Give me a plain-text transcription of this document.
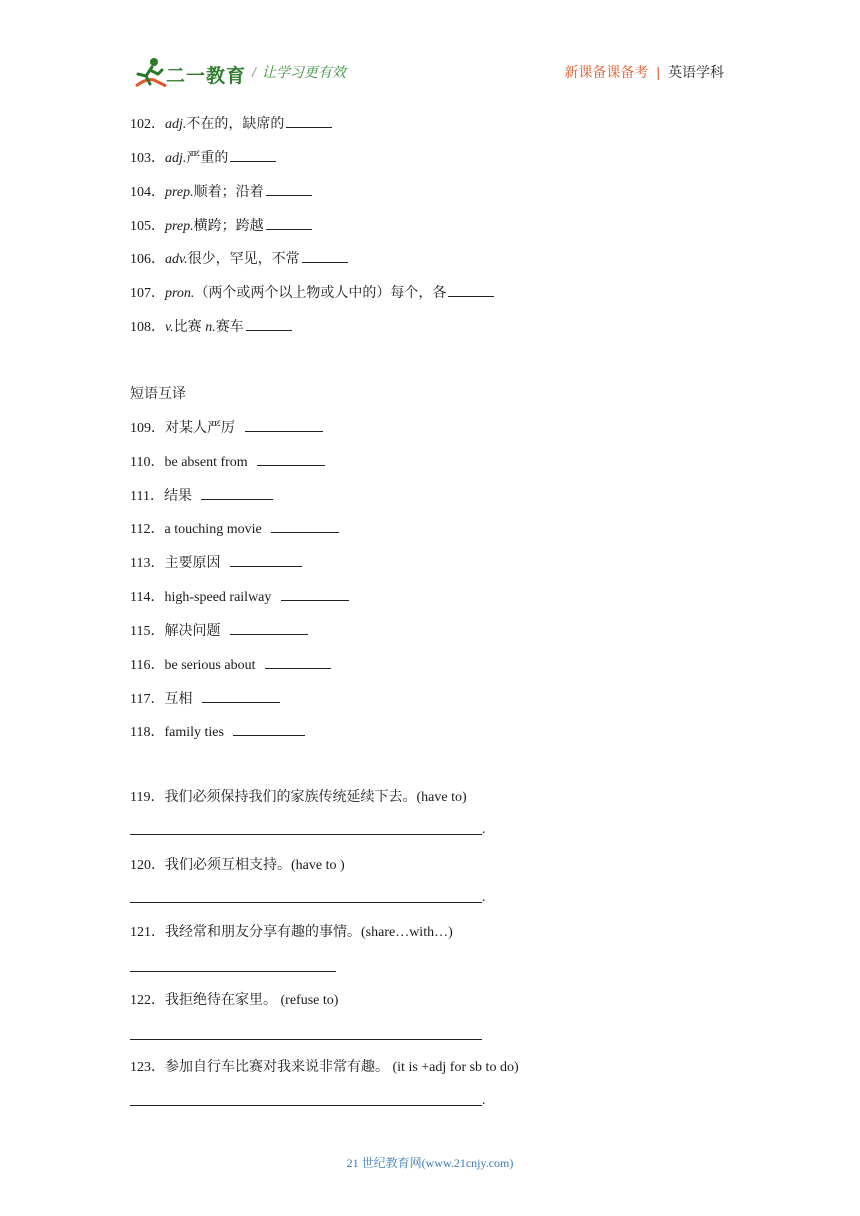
二一教育 / 让学习更有效	新课备课备考 | 英语学科
102．adj.不在的，缺席的
103．adj.严重的
104．prep.顺着；沿着
105．prep.横跨；跨越
106．adv.很少，罕见，不常
107．pron.（两个或两个以上物或人中的）每个，各
108．v.比赛 n.赛车
短语互译
109．对某人严厉
110．be absent from
111．结果
112．a touching movie
113．主要原因
114．high-speed railway
115．解决问题
116．be serious about
117．互相
118．family ties
119．我们必须保持我们的家族传统延续下去。(have to)
.
120．我们必须互相支持。(have to )
.
121．我经常和朋友分享有趣的事情。(share…with…)
122．我拒绝待在家里。 (refuse to)
123．参加自行车比赛对我来说非常有趣。 (it is +adj for sb to do)
.
21 世纪教育网(www.21cnjy.com)
